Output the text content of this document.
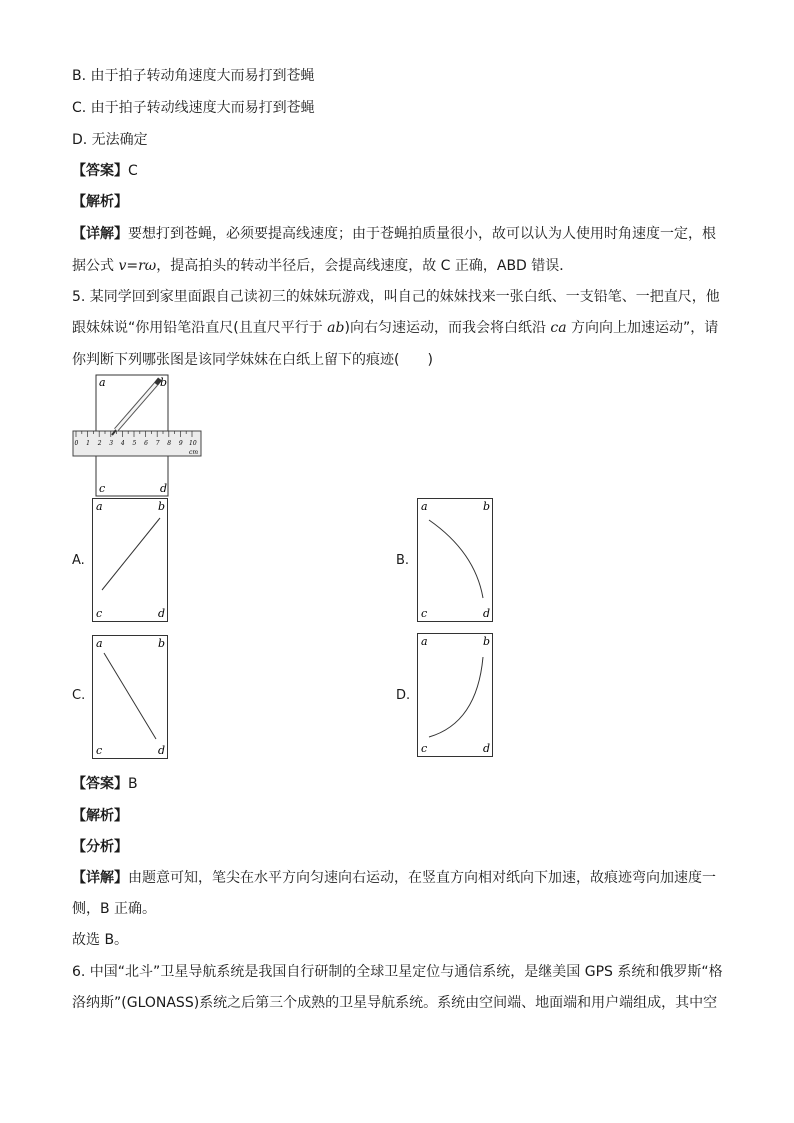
B. 由于拍子转动角速度大而易打到苍蝇
C. 由于拍子转动线速度大而易打到苍蝇
D. 无法确定
【答案】C
【解析】
【详解】要想打到苍蝇，必须要提高线速度；由于苍蝇拍质量很小，故可以认为人使用时角速度一定，根
据公式 v=rω，提高拍头的转动半径后，会提高线速度，故 C 正确，ABD 错误．
5. 某同学回到家里面跟自己读初三的妹妹玩游戏，叫自己的妹妹找来一张白纸、一支铅笔、一把直尺，他
跟妹妹说“你用铅笔沿直尺(且直尺平行于 ab)向右匀速运动，而我会将白纸沿 ca 方向向上加速运动”，请
你判断下列哪张图是该同学妹妹在白纸上留下的痕迹(　　)
a	b
c	d
0 1 2 3 4 5 6 7 8 9 10
cm
A.
a	b
c	d
B.
a	b
c	d
C.
a	b
c	d
D.
a	b
c	d
【答案】B
【解析】
【分析】
【详解】由题意可知，笔尖在水平方向匀速向右运动，在竖直方向相对纸向下加速，故痕迹弯向加速度一
侧，B 正确。
故选 B。
6. 中国“北斗”卫星导航系统是我国自行研制的全球卫星定位与通信系统，是继美国 GPS 系统和俄罗斯“格
洛纳斯”(GLONASS)系统之后第三个成熟的卫星导航系统。系统由空间端、地面端和用户端组成，其中空
